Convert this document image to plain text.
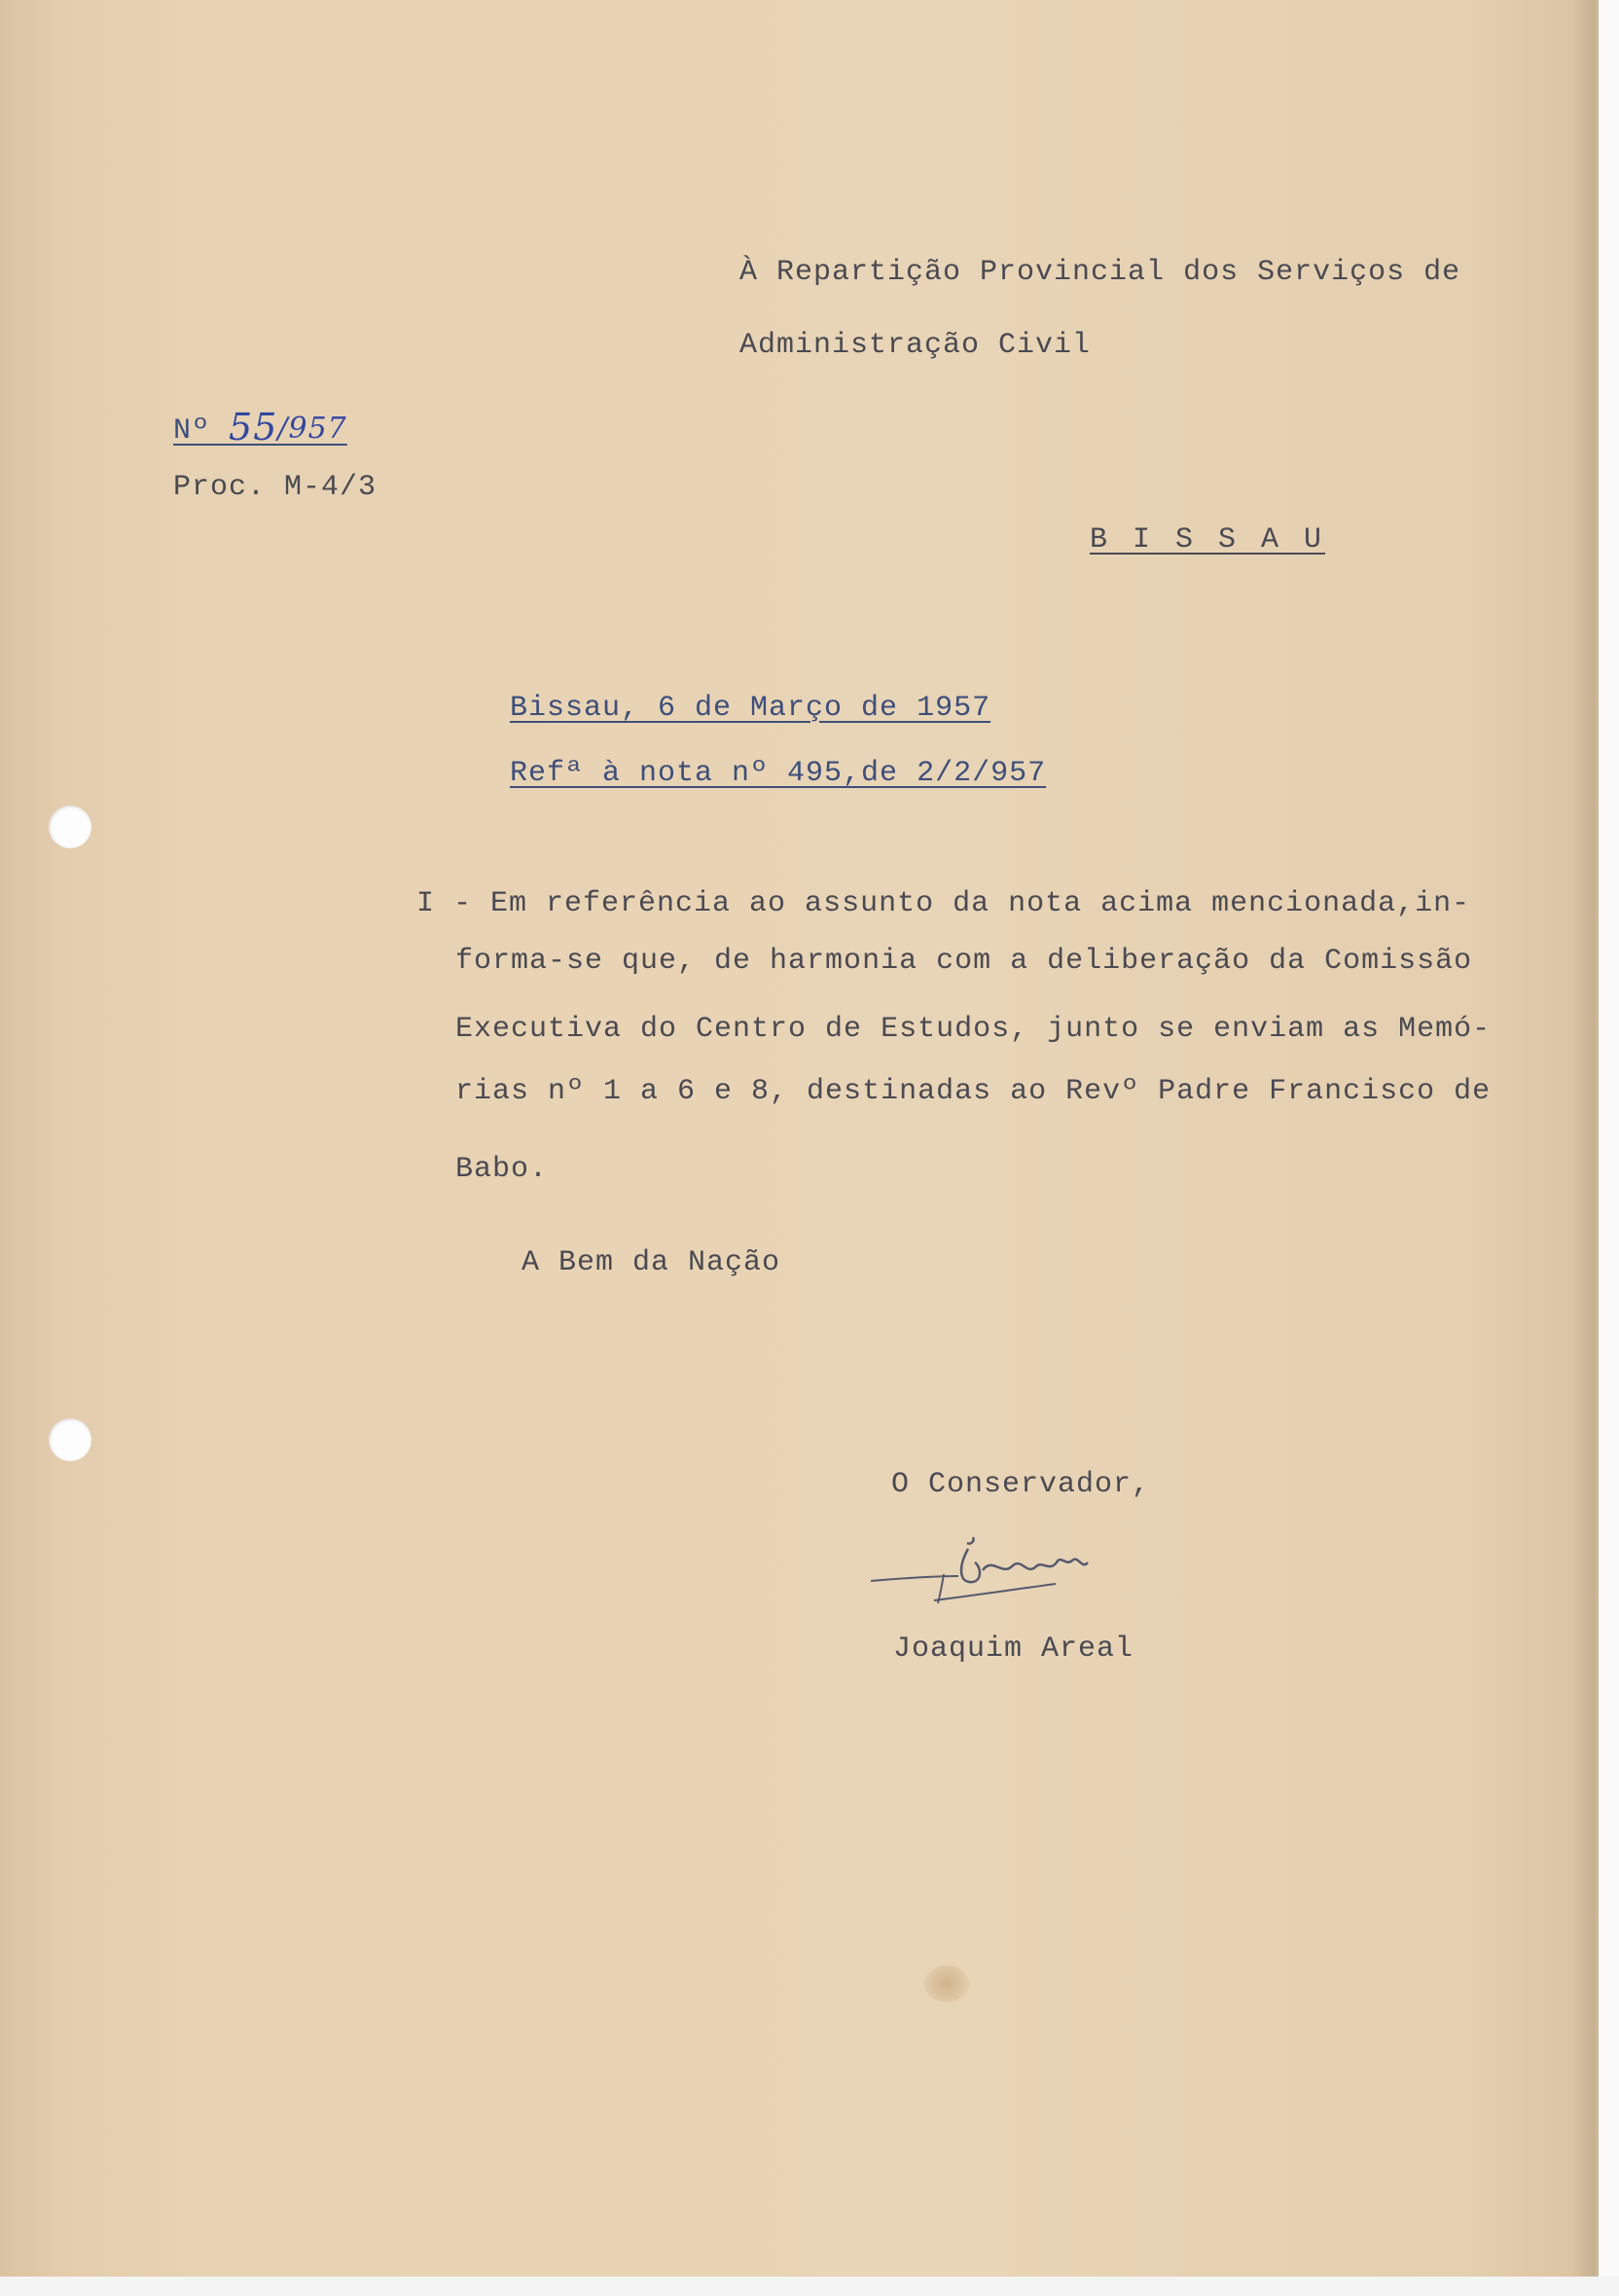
À Repartição Provincial dos Serviços de
Administração Civil
Nº 55/957
Proc. M-4/3
B I S S A U
Bissau, 6 de Março de 1957
Refª à nota nº 495,de 2/2/957
I - Em referência ao assunto da nota acima mencionada,in-
forma-se que, de harmonia com a deliberação da Comissão
Executiva do Centro de Estudos, junto se enviam as Memó-
rias nº 1 a 6 e 8, destinadas ao Revº Padre Francisco de
Babo.
A Bem da Nação
O Conservador,
Joaquim Areal
